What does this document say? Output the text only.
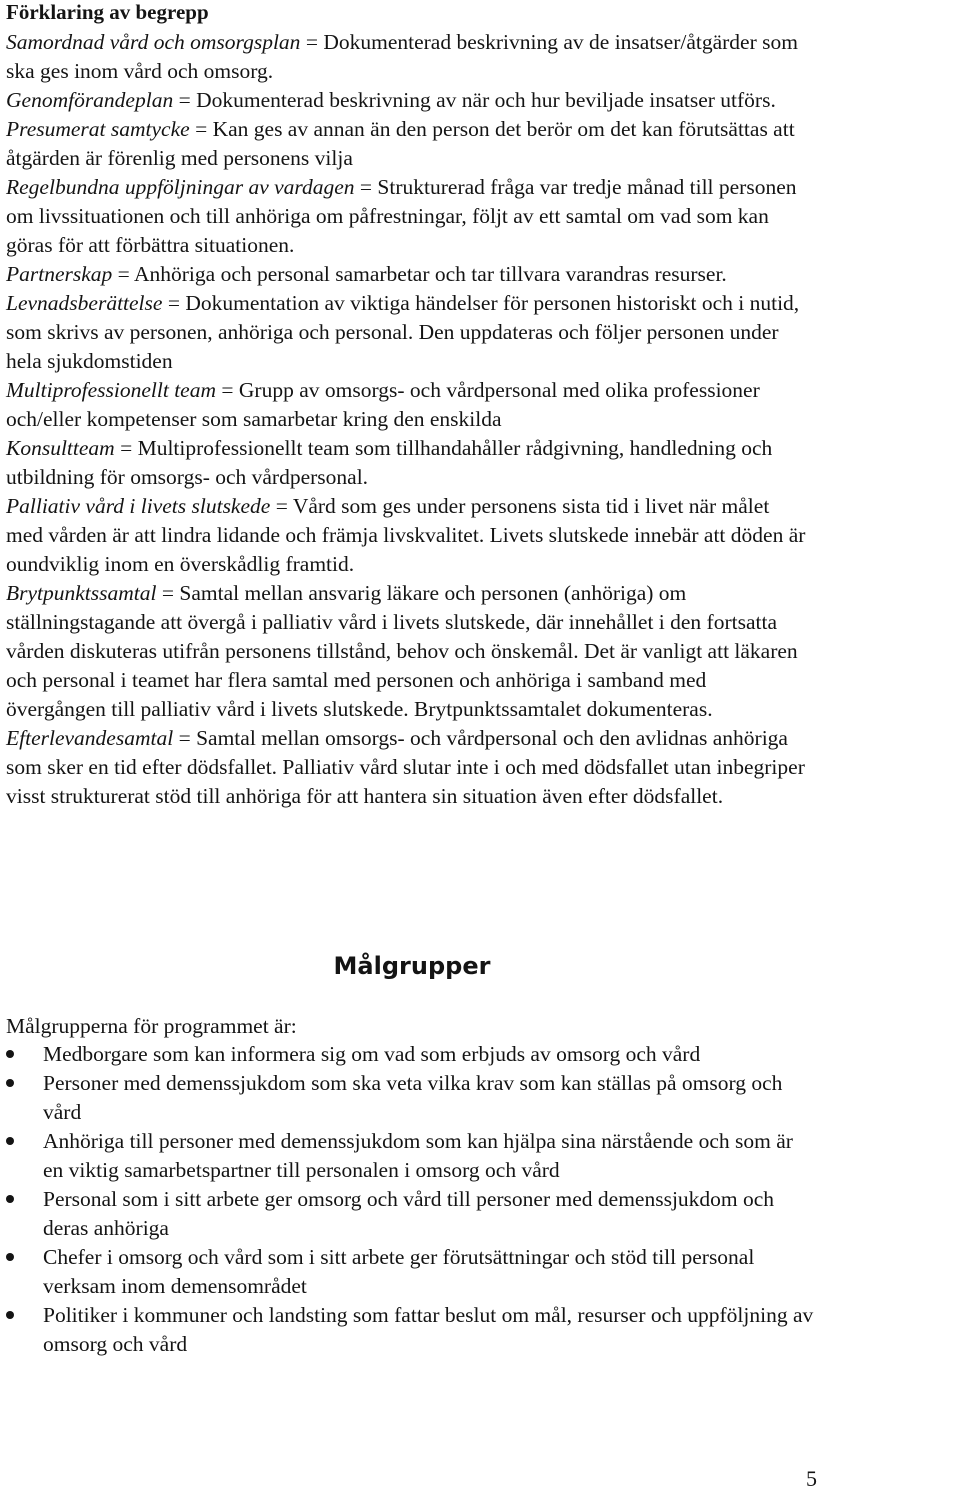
Förklaring av begrepp

Samordnad vård och omsorgsplan = Dokumenterad beskrivning av de insatser/åtgärder som ska ges inom vård och omsorg.

Genomförandeplan = Dokumenterad beskrivning av när och hur beviljade insatser utförs.

Presumerat samtycke = Kan ges av annan än den person det berör om det kan förutsättas att åtgärden är förenlig med personens vilja

Regelbundna uppföljningar av vardagen = Strukturerad fråga var tredje månad till personen om livssituationen och till anhöriga om påfrestningar, följt av ett samtal om vad som kan göras för att förbättra situationen.

Partnerskap = Anhöriga och personal samarbetar och tar tillvara varandras resurser.

Levnadsberättelse = Dokumentation av viktiga händelser för personen historiskt och i nutid, som skrivs av personen, anhöriga och personal. Den uppdateras och följer personen under hela sjukdomstiden

Multiprofessionellt team = Grupp av omsorgs- och vårdpersonal med olika professioner och/eller kompetenser som samarbetar kring den enskilda

Konsultteam = Multiprofessionellt team som tillhandahåller rådgivning, handledning och utbildning för omsorgs- och vårdpersonal.

Palliativ vård i livets slutskede = Vård som ges under personens sista tid i livet när målet med vården är att lindra lidande och främja livskvalitet. Livets slutskede innebär att döden är oundviklig inom en överskådlig framtid.

Brytpunktssamtal = Samtal mellan ansvarig läkare och personen (anhöriga) om ställningstagande att övergå i palliativ vård i livets slutskede, där innehållet i den fortsatta vården diskuteras utifrån personens tillstånd, behov och önskemål. Det är vanligt att läkaren och personal i teamet har flera samtal med personen och anhöriga i samband med övergången till palliativ vård i livets slutskede. Brytpunktssamtalet dokumenteras.

Efterlevandesamtal = Samtal mellan omsorgs- och vårdpersonal och den avlidnas anhöriga som sker en tid efter dödsfallet. Palliativ vård slutar inte i och med dödsfallet utan inbegriper visst strukturerat stöd till anhöriga för att hantera sin situation även efter dödsfallet.

Målgrupper
Målgrupperna för programmet är:
Medborgare som kan informera sig om vad som erbjuds av omsorg och vård
Personer med demenssjukdom som ska veta vilka krav som kan ställas på omsorg och vård
Anhöriga till personer med demenssjukdom som kan hjälpa sina närstående och som är en viktig samarbetspartner till personalen i omsorg och vård
Personal som i sitt arbete ger omsorg och vård till personer med demenssjukdom och deras anhöriga
Chefer i omsorg och vård som i sitt arbete ger förutsättningar och stöd till personal verksam inom demensområdet
Politiker i kommuner och landsting som fattar beslut om mål, resurser och uppföljning av omsorg och vård
5
